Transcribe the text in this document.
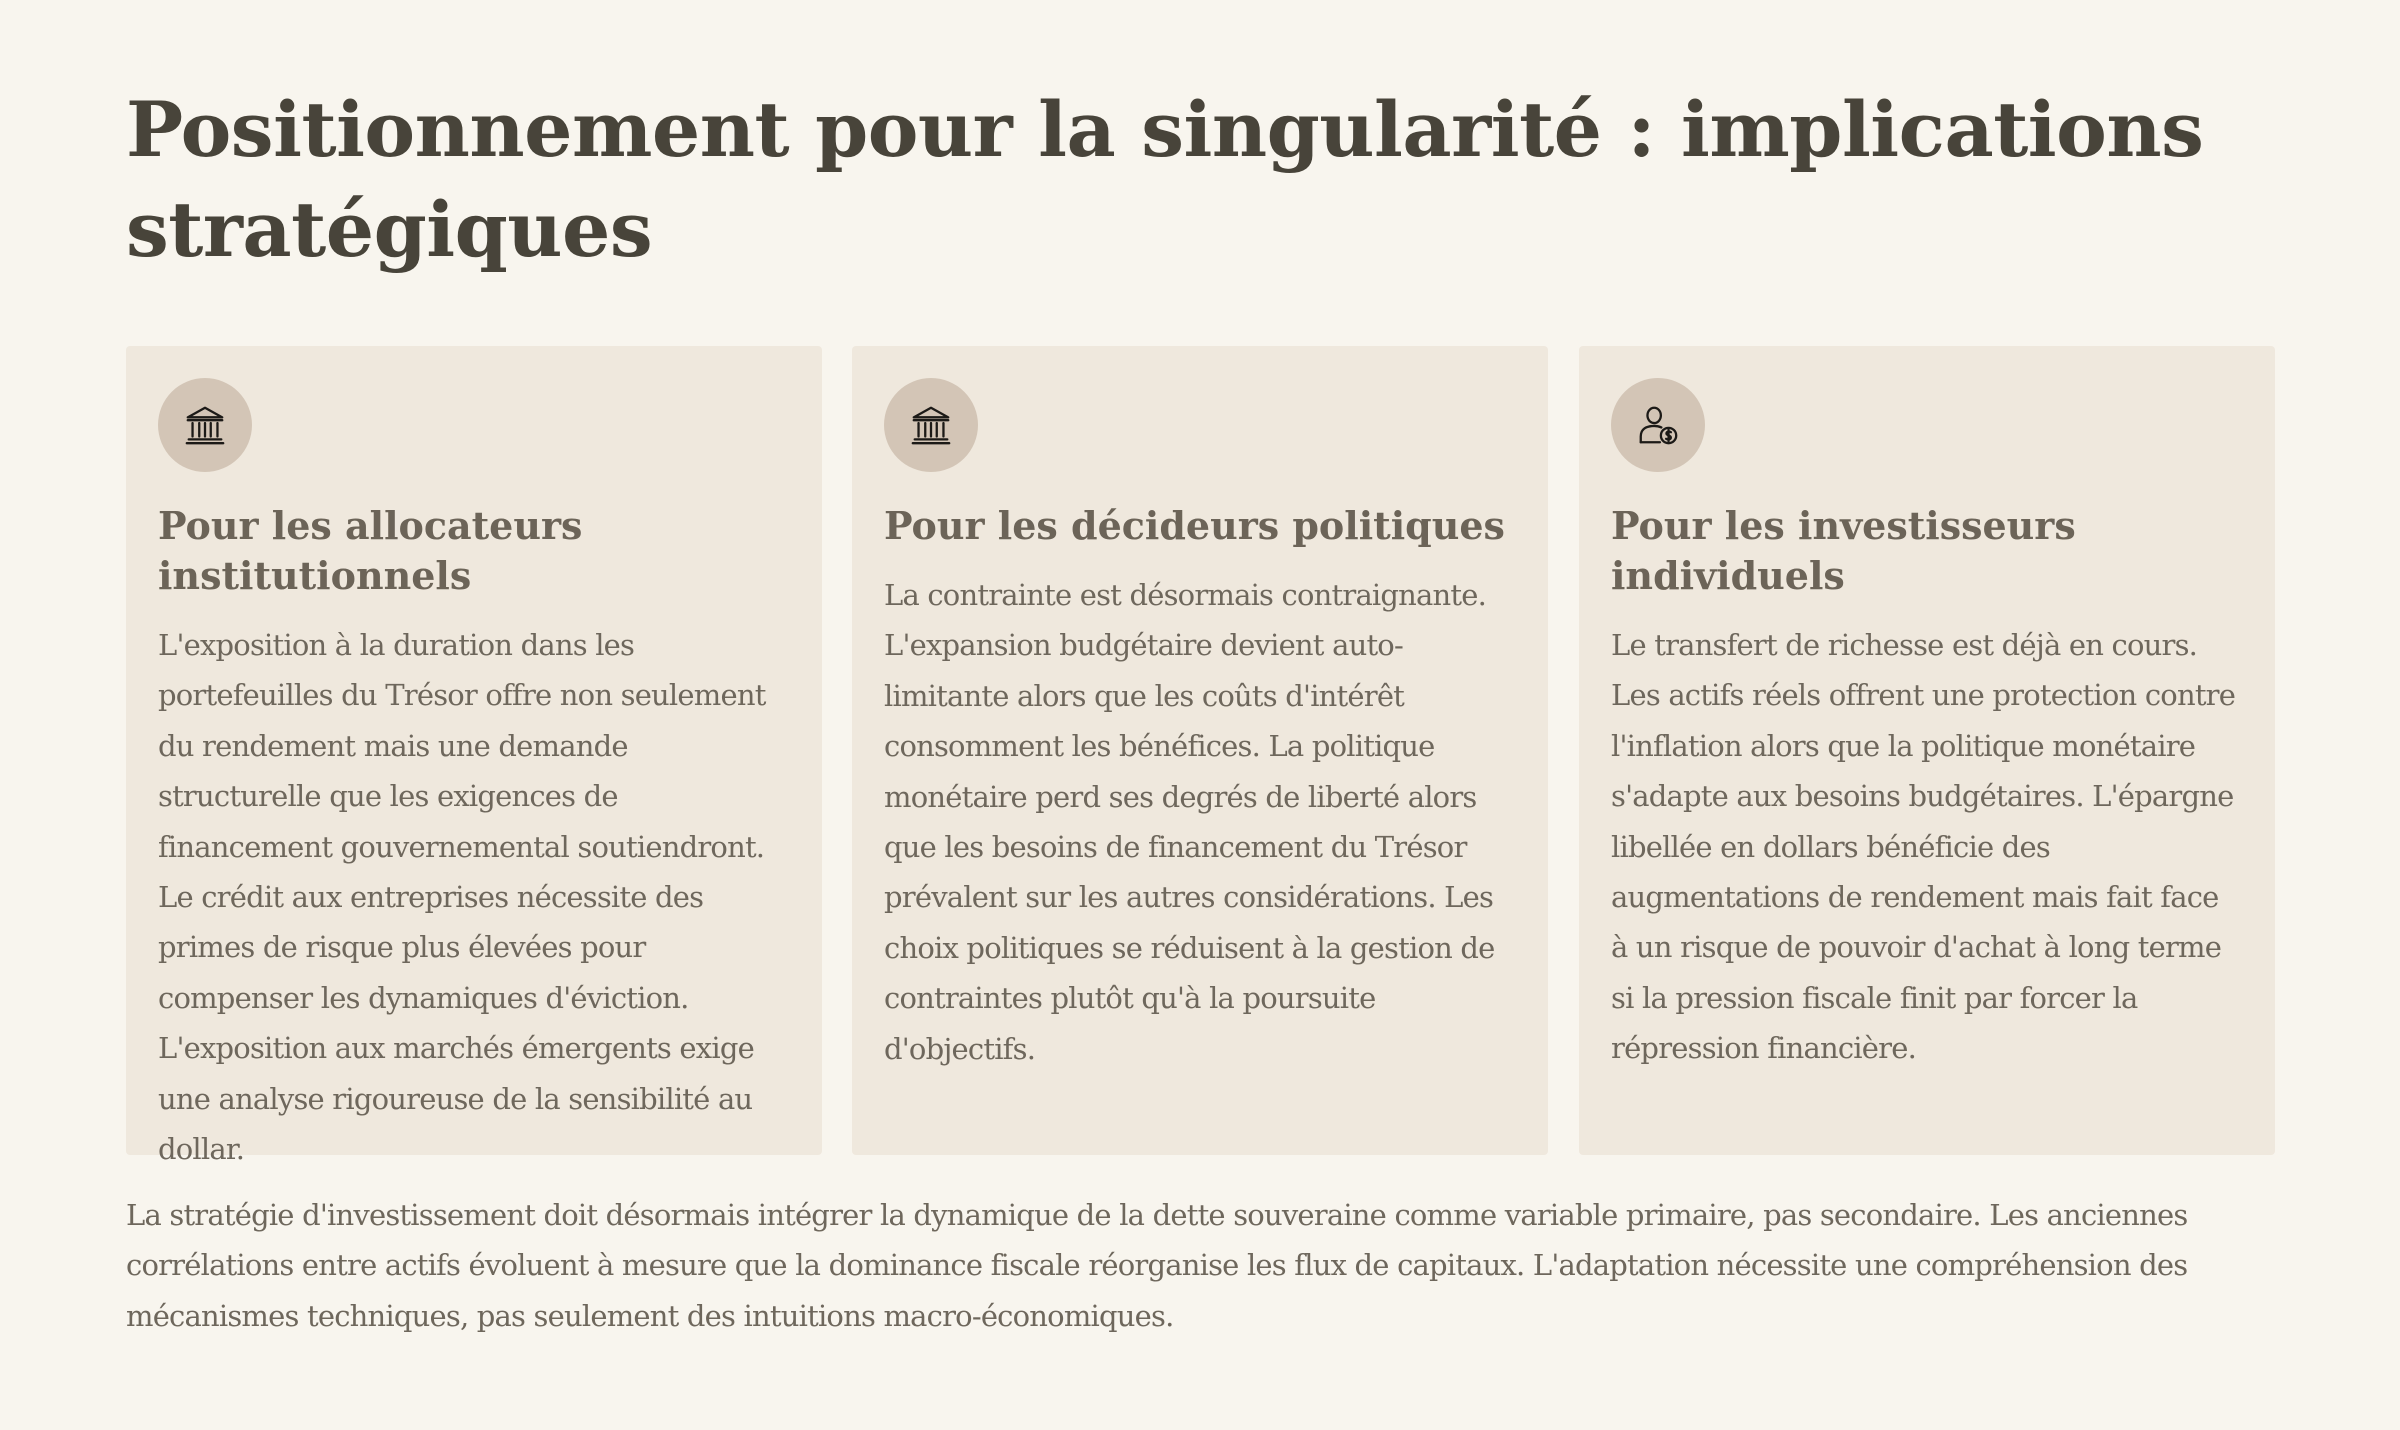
Positionnement pour la singularité : implications stratégiques
Pour les allocateurs institutionnels

L'exposition à la duration dans les portefeuilles du Trésor offre non seulement du rendement mais une demande structurelle que les exigences de financement gouvernemental soutiendront. Le crédit aux entreprises nécessite des primes de risque plus élevées pour compenser les dynamiques d'éviction. L'exposition aux marchés émergents exige une analyse rigoureuse de la sensibilité au dollar.

Pour les décideurs politiques

La contrainte est désormais contraignante. L'expansion budgétaire devient auto-limitante alors que les coûts d'intérêt consomment les bénéfices. La politique monétaire perd ses degrés de liberté alors que les besoins de financement du Trésor prévalent sur les autres considérations. Les choix politiques se réduisent à la gestion de contraintes plutôt qu'à la poursuite d'objectifs.

Pour les investisseurs individuels

Le transfert de richesse est déjà en cours. Les actifs réels offrent une protection contre l'inflation alors que la politique monétaire s'adapte aux besoins budgétaires. L'épargne libellée en dollars bénéficie des augmentations de rendement mais fait face à un risque de pouvoir d'achat à long terme si la pression fiscale finit par forcer la répression financière.

La stratégie d'investissement doit désormais intégrer la dynamique de la dette souveraine comme variable primaire, pas secondaire. Les anciennes corrélations entre actifs évoluent à mesure que la dominance fiscale réorganise les flux de capitaux. L'adaptation nécessite une compréhension des mécanismes techniques, pas seulement des intuitions macro-économiques.
